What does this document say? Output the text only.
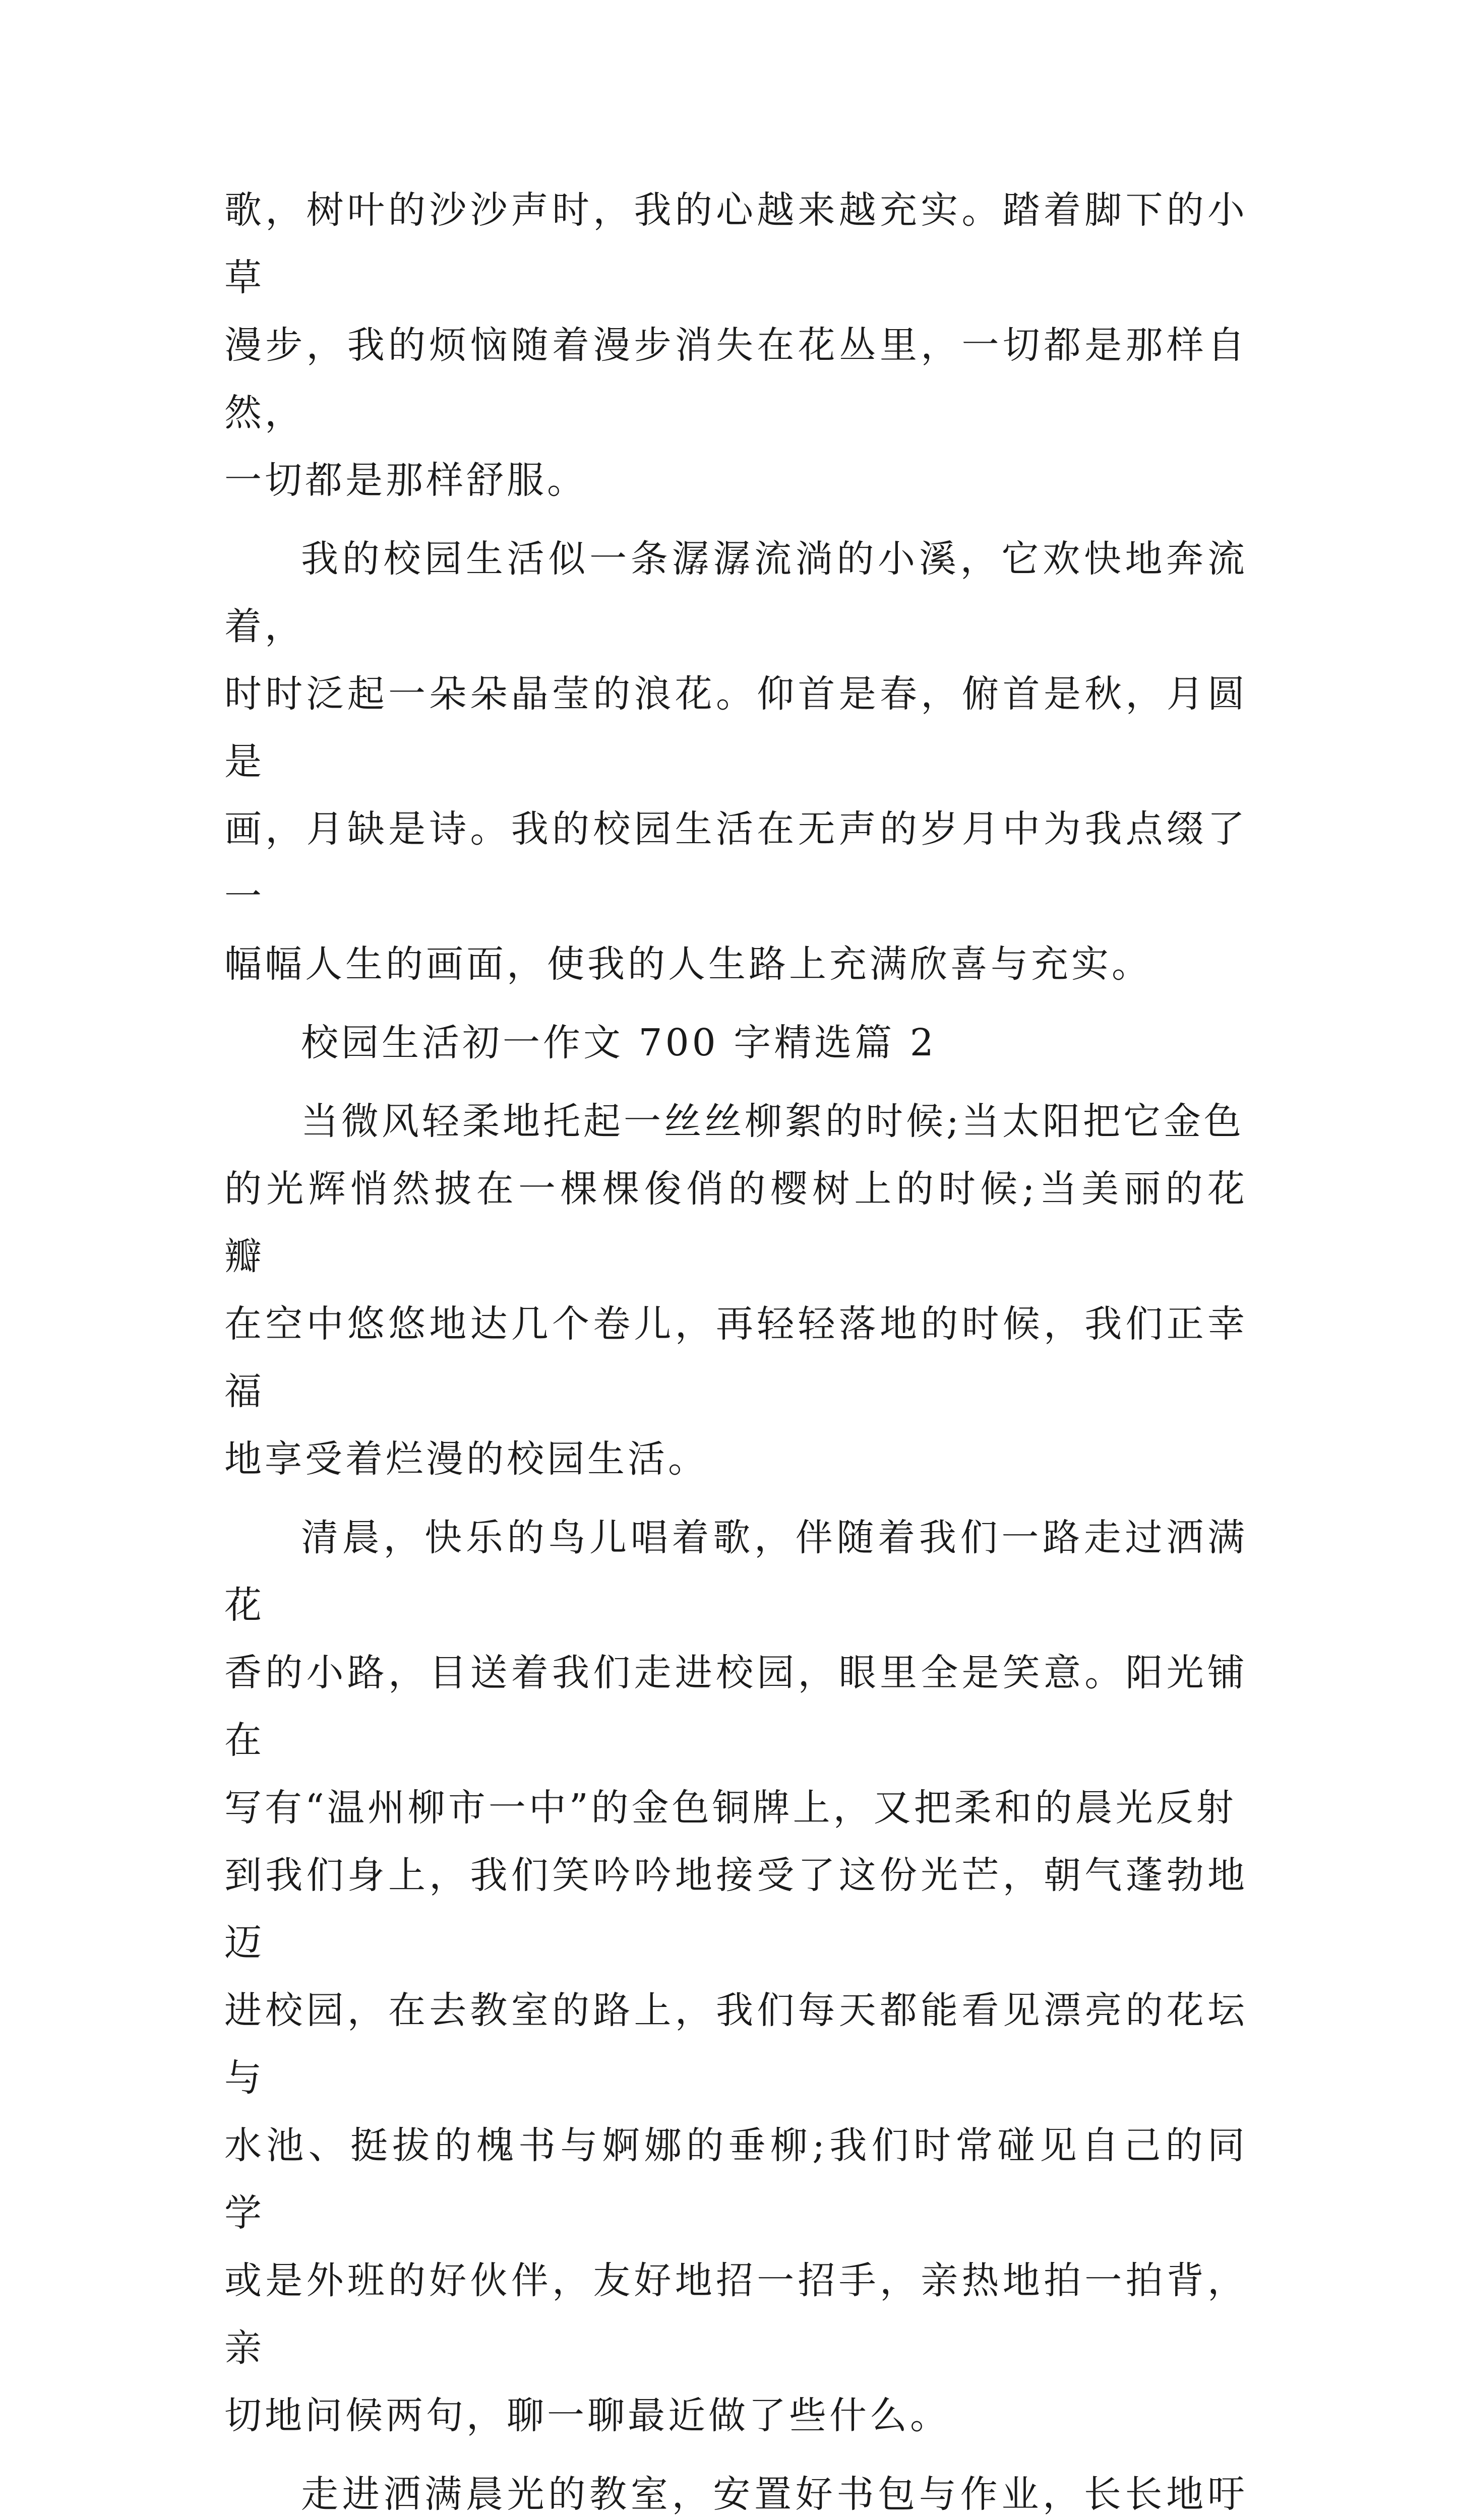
歌，树叶的沙沙声时，我的心越来越充实。踏着脚下的小草
漫步，我的烦恼随着漫步消失在花丛里，一切都是那样自然，
一切都是那样舒服。

我的校园生活似一条潺潺流淌的小溪，它欢快地奔流着，
时时泛起一朵朵晶莹的浪花。仰首是春，俯首是秋，月圆是
画，月缺是诗。我的校园生活在无声的岁月中为我点缀了一
幅幅人生的画面，使我的人生路上充满欣喜与充实。

校园生活初一作文 700 字精选篇 2

当微风轻柔地托起一丝丝柳絮的时候;当太阳把它金色
的光辉悄然披在一棵棵俊俏的樱树上的时候;当美丽的花瓣
在空中悠悠地达几个卷儿，再轻轻落地的时候，我们正幸福
地享受着烂漫的校园生活。

清晨，快乐的鸟儿唱着歌，伴随着我们一路走过洒满花
香的小路，目送着我们走进校园，眼里全是笑意。阳光铺在
写有“温州柳市一中”的金色铜牌上，又把柔和的晨光反射
到我们身上，我们笑吟吟地接受了这份光芒，朝气蓬勃地迈
进校园，在去教室的路上，我们每天都能看见漂亮的花坛与
水池、挺拔的槐书与婀娜的垂柳;我们时常碰见自己的同学
或是外班的好伙伴，友好地招一招手，亲热地拍一拍背，亲
切地问候两句，聊一聊最近做了些什么。

走进洒满晨光的教室，安置好书包与作业，长长地吁
